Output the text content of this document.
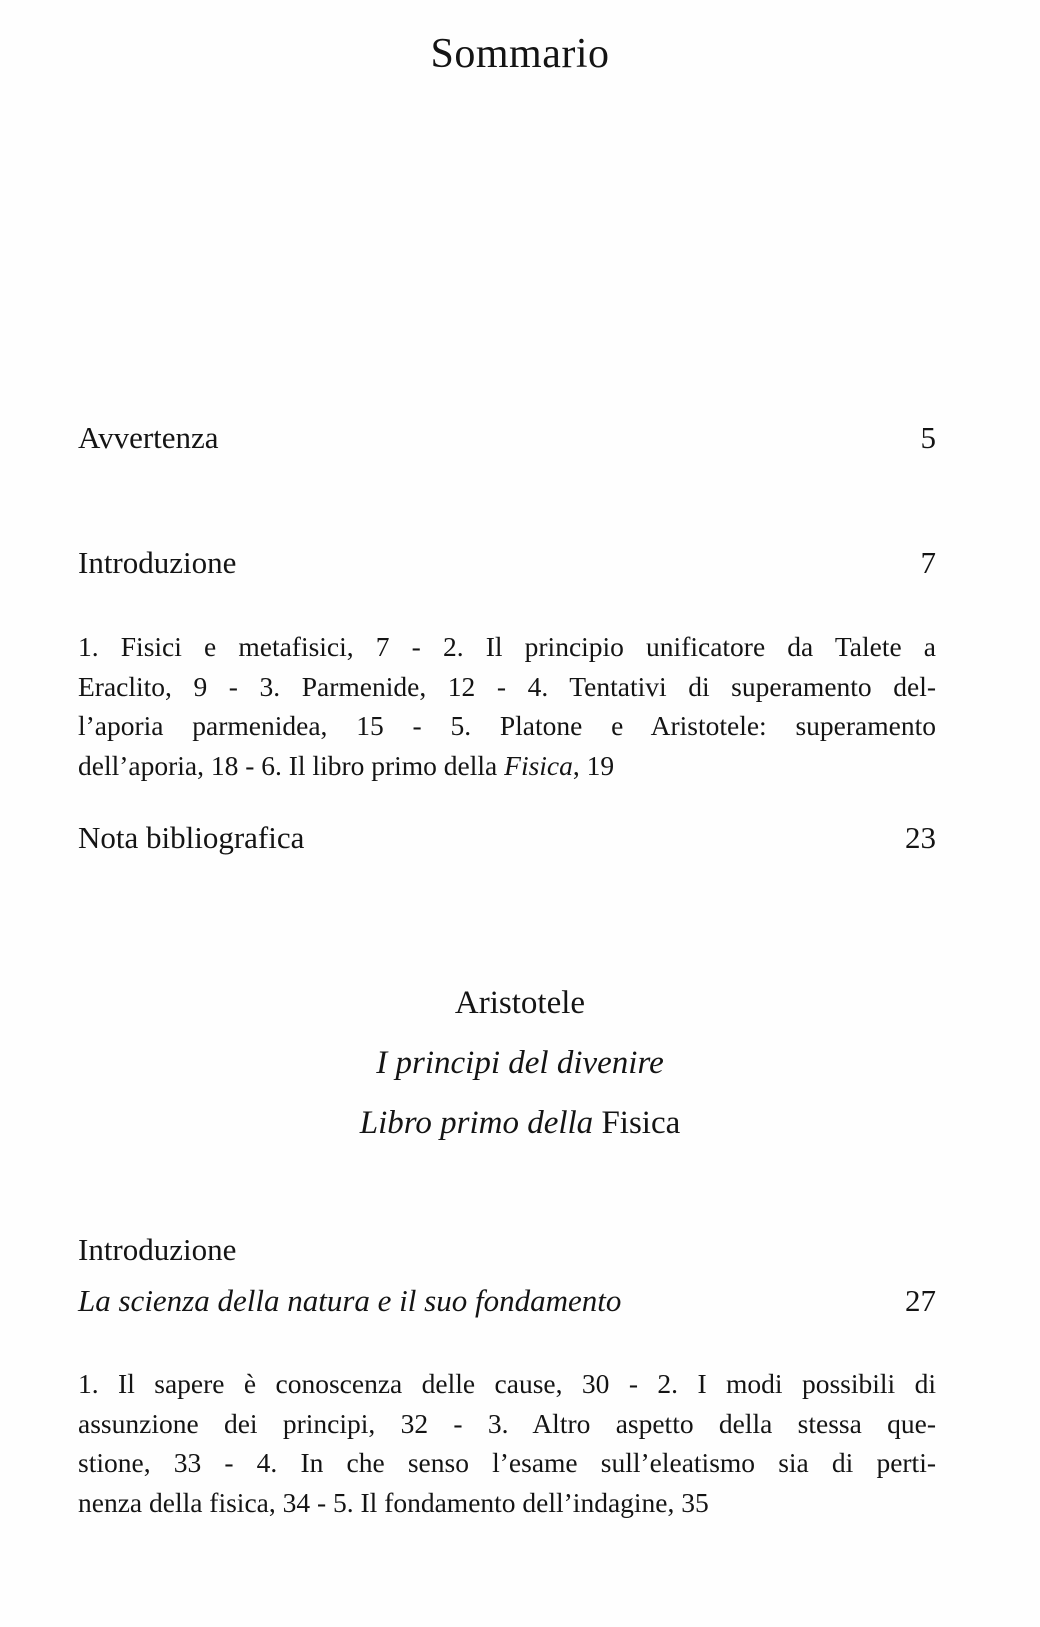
Sommario
Avvertenza	5
Introduzione	7
1. Fisici e metafisici, 7 - 2. Il principio unificatore da Talete a
Eraclito, 9 - 3. Parmenide, 12 - 4. Tentativi di superamento del-
l’aporia parmenidea, 15 - 5. Platone e Aristotele: superamento
dell’aporia, 18 - 6. Il libro primo della Fisica, 19
Nota bibliografica	23
Aristotele
I principi del divenire
Libro primo della Fisica
Introduzione
La scienza della natura e il suo fondamento	27
1. Il sapere è conoscenza delle cause, 30 - 2. I modi possibili di
assunzione dei principi, 32 - 3. Altro aspetto della stessa que-
stione, 33 - 4. In che senso l’esame sull’eleatismo sia di perti-
nenza della fisica, 34 - 5. Il fondamento dell’indagine, 35
